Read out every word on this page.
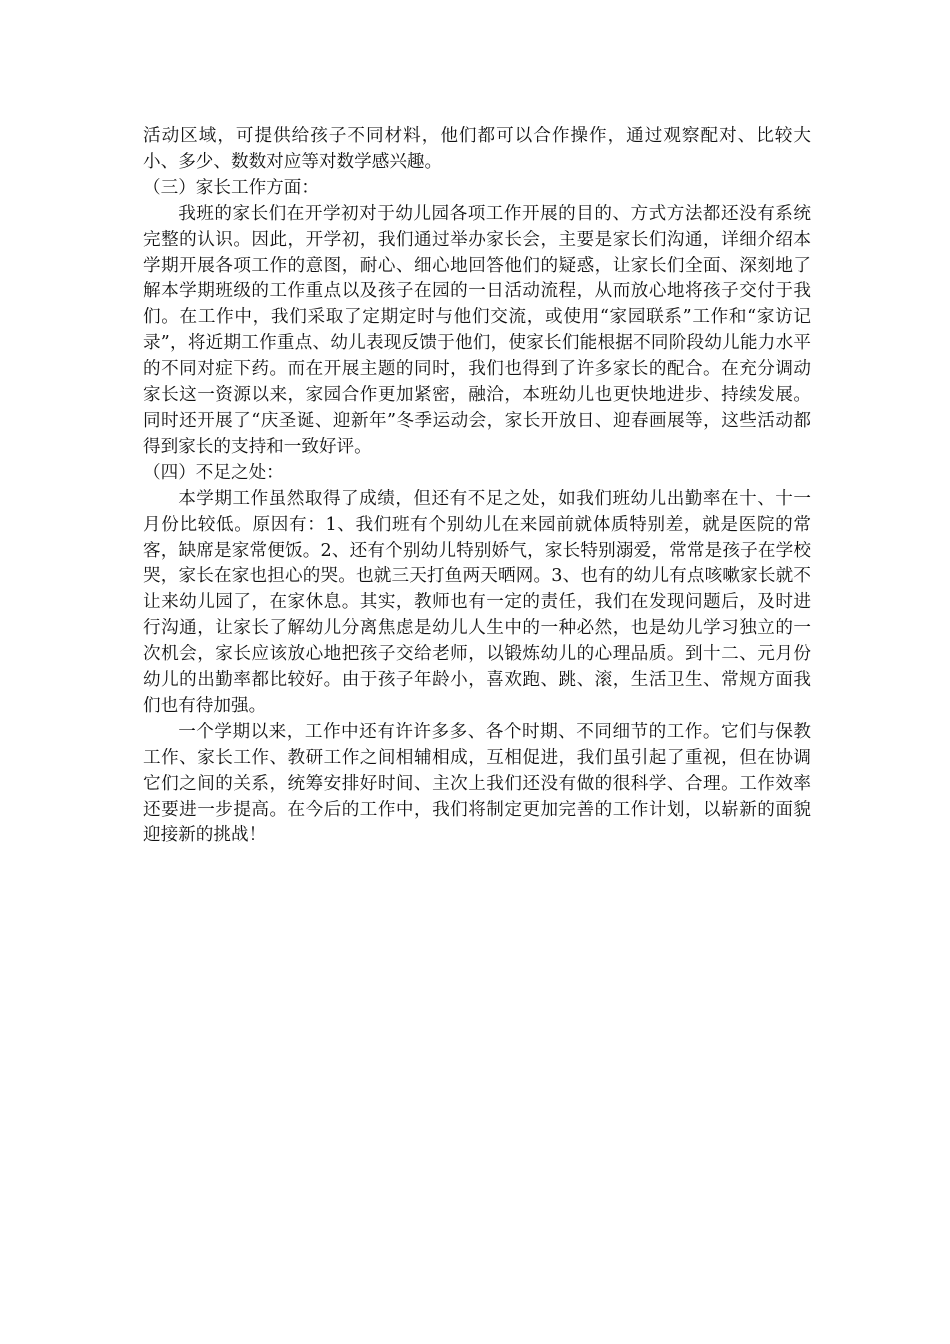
活动区域，可提供给孩子不同材料，他们都可以合作操作，通过观察配对、比较大小、多少、数数对应等对数学感兴趣。

（三）家长工作方面：

我班的家长们在开学初对于幼儿园各项工作开展的目的、方式方法都还没有系统完整的认识。因此，开学初，我们通过举办家长会，主要是家长们沟通，详细介绍本学期开展各项工作的意图，耐心、细心地回答他们的疑惑，让家长们全面、深刻地了解本学期班级的工作重点以及孩子在园的一日活动流程，从而放心地将孩子交付于我们。在工作中，我们采取了定期定时与他们交流，或使用“家园联系”工作和“家访记录”，将近期工作重点、幼儿表现反馈于他们，使家长们能根据不同阶段幼儿能力水平的不同对症下药。而在开展主题的同时，我们也得到了许多家长的配合。在充分调动家长这一资源以来，家园合作更加紧密，融洽，本班幼儿也更快地进步、持续发展。同时还开展了“庆圣诞、迎新年”冬季运动会，家长开放日、迎春画展等，这些活动都得到家长的支持和一致好评。

（四）不足之处：

本学期工作虽然取得了成绩，但还有不足之处，如我们班幼儿出勤率在十、十一月份比较低。原因有：1、我们班有个别幼儿在来园前就体质特别差，就是医院的常客，缺席是家常便饭。2、还有个别幼儿特别娇气，家长特别溺爱，常常是孩子在学校哭，家长在家也担心的哭。也就三天打鱼两天晒网。3、也有的幼儿有点咳嗽家长就不让来幼儿园了，在家休息。其实，教师也有一定的责任，我们在发现问题后，及时进行沟通，让家长了解幼儿分离焦虑是幼儿人生中的一种必然，也是幼儿学习独立的一次机会，家长应该放心地把孩子交给老师，以锻炼幼儿的心理品质。到十二、元月份幼儿的出勤率都比较好。由于孩子年龄小，喜欢跑、跳、滚，生活卫生、常规方面我们也有待加强。

一个学期以来，工作中还有许许多多、各个时期、不同细节的工作。它们与保教工作、家长工作、教研工作之间相辅相成，互相促进，我们虽引起了重视，但在协调它们之间的关系，统筹安排好时间、主次上我们还没有做的很科学、合理。工作效率还要进一步提高。在今后的工作中，我们将制定更加完善的工作计划，以崭新的面貌迎接新的挑战！
